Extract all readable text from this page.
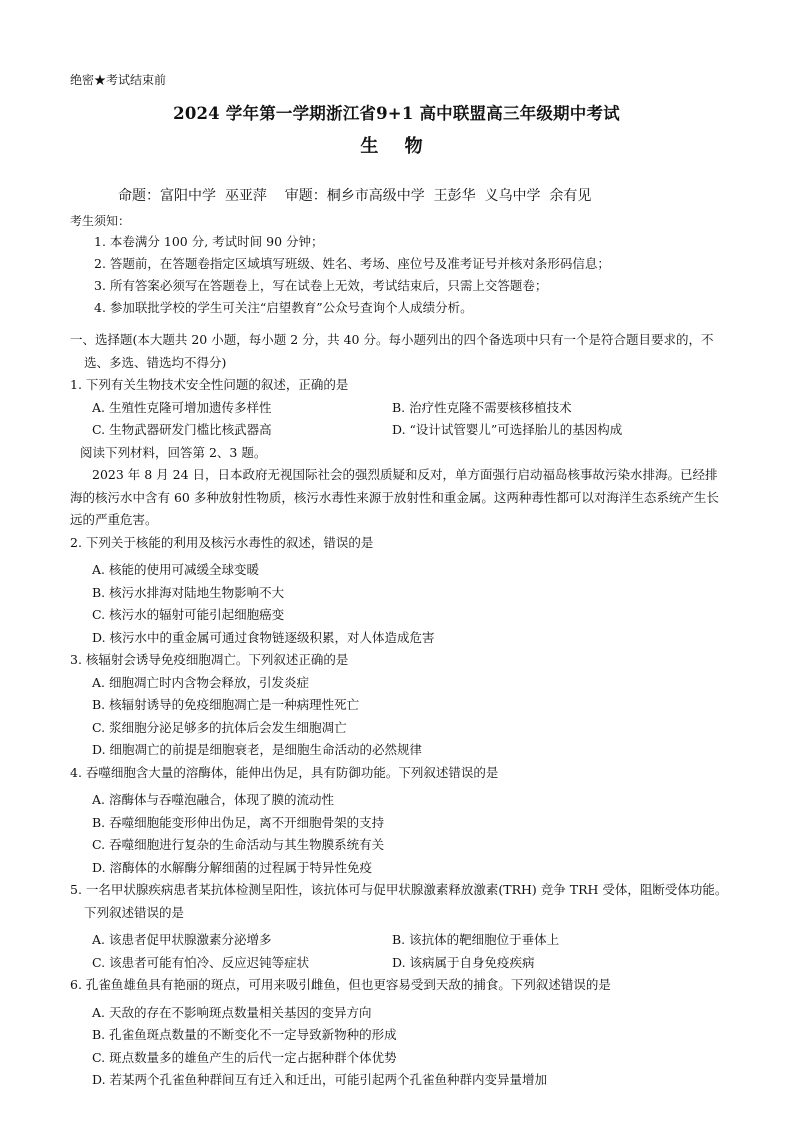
绝密★考试结束前
2024 学年第一学期浙江省9+1 高中联盟高三年级期中考试
生 物
命题：富阳中学  巫亚萍    审题：桐乡市高级中学  王彭华  义乌中学  余有见
考生须知：
1. 本卷满分 100 分, 考试时间 90 分钟；
2. 答题前，在答题卷指定区域填写班级、姓名、考场、座位号及准考证号并核对条形码信息；
3. 所有答案必须写在答题卷上，写在试卷上无效，考试结束后，只需上交答题卷；
4. 参加联批学校的学生可关注“启望教育”公众号查询个人成绩分析。
一、选择题(本大题共 20 小题，每小题 2 分，共 40 分。每小题列出的四个备选项中只有一个是符合题目要求的，不选、多选、错选均不得分)
1. 下列有关生物技术安全性问题的叙述，正确的是
A. 生殖性克隆可增加遗传多样性	B. 治疗性克隆不需要核移植技术
C. 生物武器研发门槛比核武器高	D. “设计试管婴儿”可选择胎儿的基因构成
阅读下列材料，回答第 2、3 题。
2023 年 8 月 24 日，日本政府无视国际社会的强烈质疑和反对，单方面强行启动福岛核事故污染水排海。已经排海的核污水中含有 60 多种放射性物质，核污水毒性来源于放射性和重金属。这两种毒性都可以对海洋生态系统产生长远的严重危害。
2. 下列关于核能的利用及核污水毒性的叙述，错误的是
A. 核能的使用可减缓全球变暖
B. 核污水排海对陆地生物影响不大
C. 核污水的辐射可能引起细胞癌变
D. 核污水中的重金属可通过食物链逐级积累，对人体造成危害
3. 核辐射会诱导免疫细胞凋亡。下列叙述正确的是
A. 细胞凋亡时内含物会释放，引发炎症
B. 核辐射诱导的免疫细胞凋亡是一种病理性死亡
C. 浆细胞分泌足够多的抗体后会发生细胞凋亡
D. 细胞凋亡的前提是细胞衰老，是细胞生命活动的必然规律
4. 吞噬细胞含大量的溶酶体，能伸出伪足，具有防御功能。下列叙述错误的是
A. 溶酶体与吞噬泡融合，体现了膜的流动性
B. 吞噬细胞能变形伸出伪足，离不开细胞骨架的支持
C. 吞噬细胞进行复杂的生命活动与其生物膜系统有关
D. 溶酶体的水解酶分解细菌的过程属于特异性免疫
5. 一名甲状腺疾病患者某抗体检测呈阳性，该抗体可与促甲状腺激素释放激素(TRH) 竞争 TRH 受体，阻断受体功能。下列叙述错误的是
A. 该患者促甲状腺激素分泌增多	B. 该抗体的靶细胞位于垂体上
C. 该患者可能有怕冷、反应迟钝等症状	D. 该病属于自身免疫疾病
6. 孔雀鱼雄鱼具有艳丽的斑点，可用来吸引雌鱼，但也更容易受到天敌的捕食。下列叙述错误的是
A. 天敌的存在不影响斑点数量相关基因的变异方向
B. 孔雀鱼斑点数量的不断变化不一定导致新物种的形成
C. 斑点数量多的雄鱼产生的后代一定占据种群个体优势
D. 若某两个孔雀鱼种群间互有迁入和迁出，可能引起两个孔雀鱼种群内变异量增加
